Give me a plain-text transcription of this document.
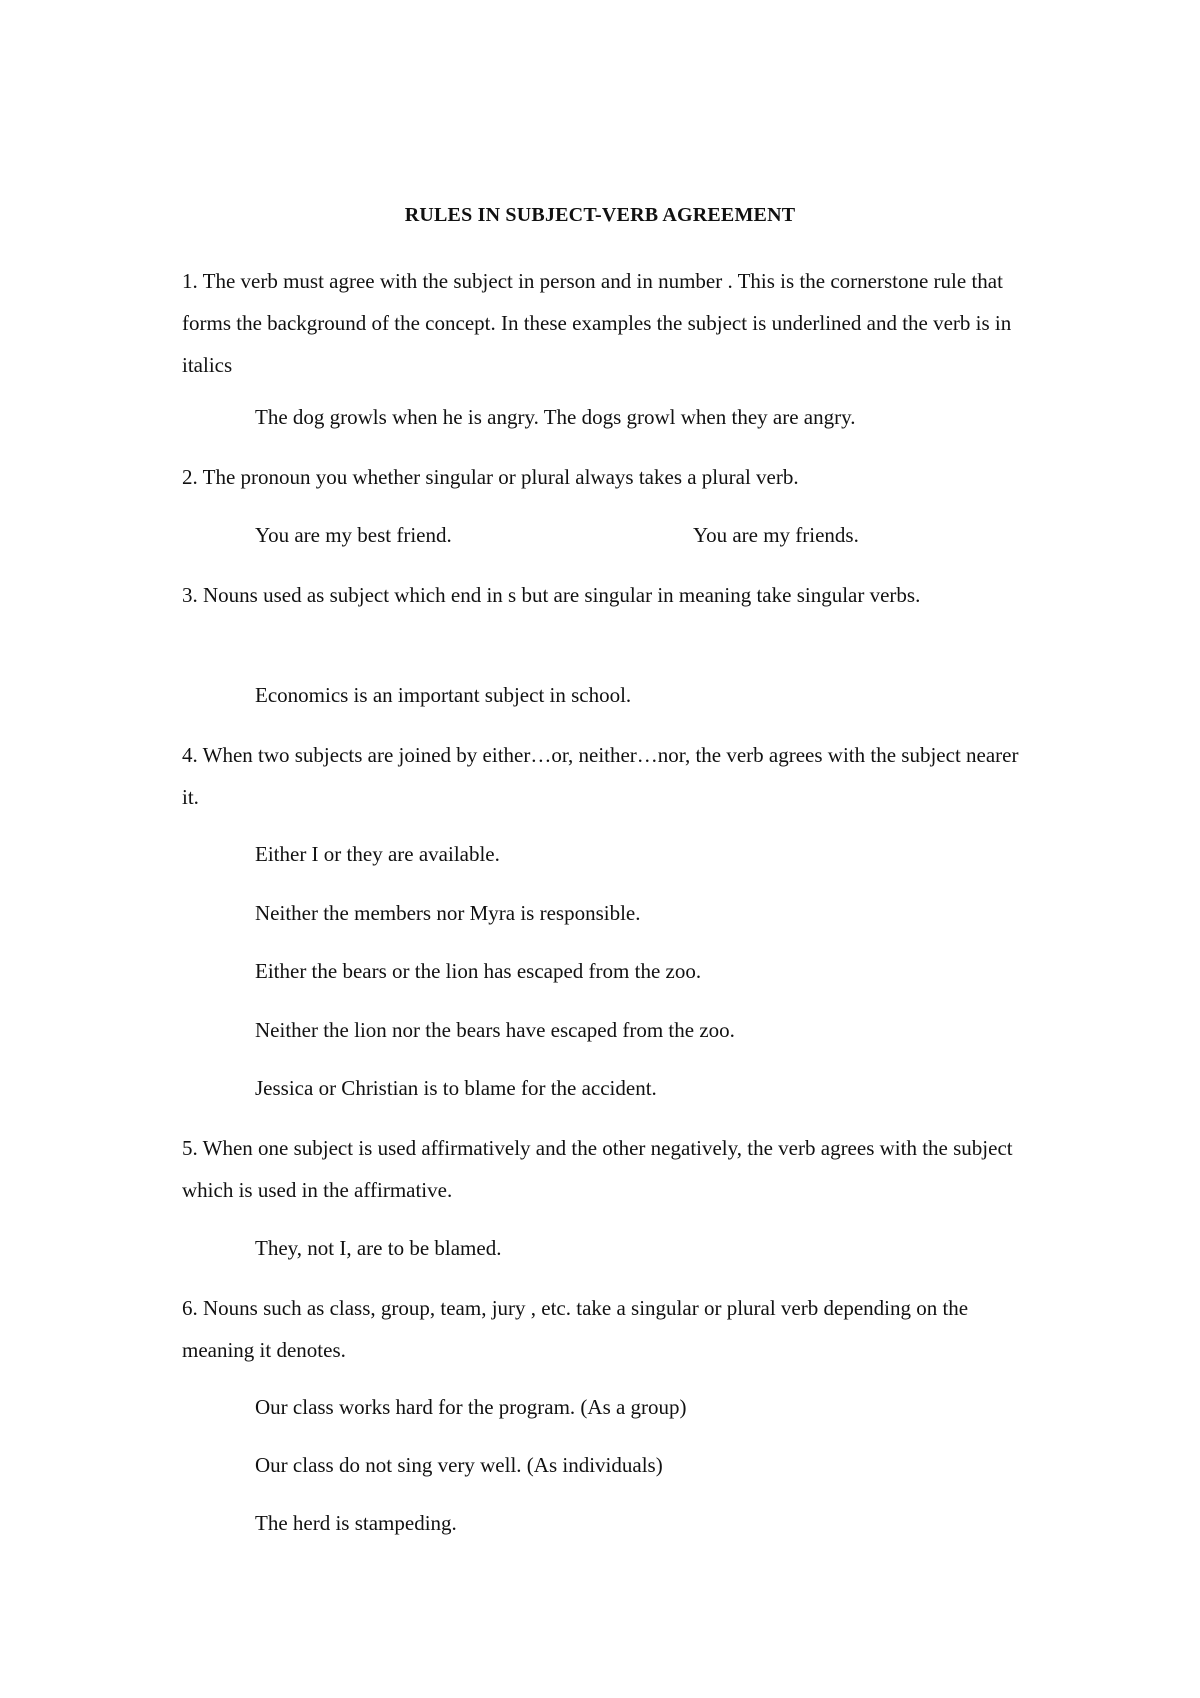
RULES IN SUBJECT-VERB AGREEMENT

1. The verb must agree with the subject in person and in number . This is the cornerstone rule that forms the background of the concept. In these examples the subject is underlined and the verb is in italics

The dog growls when he is angry. The dogs growl when they are angry.

2. The pronoun you whether singular or plural always takes a plural verb.

You are my best friend.	You are my friends.

3. Nouns used as subject which end in s but are singular in meaning take singular verbs.

Economics is an important subject in school.

4. When two subjects are joined by either…or, neither…nor, the verb agrees with the subject nearer it.

Either I or they are available.

Neither the members nor Myra is responsible.

Either the bears or the lion has escaped from the zoo.

Neither the lion nor the bears have escaped from the zoo.

Jessica or Christian is to blame for the accident.

5. When one subject is used affirmatively and the other negatively, the verb agrees with the subject which is used in the affirmative.

They, not I, are to be blamed.

6. Nouns such as class, group, team, jury , etc. take a singular or plural verb depending on the meaning it denotes.

Our class works hard for the program. (As a group)

Our class do not sing very well. (As individuals)

The herd is stampeding.
